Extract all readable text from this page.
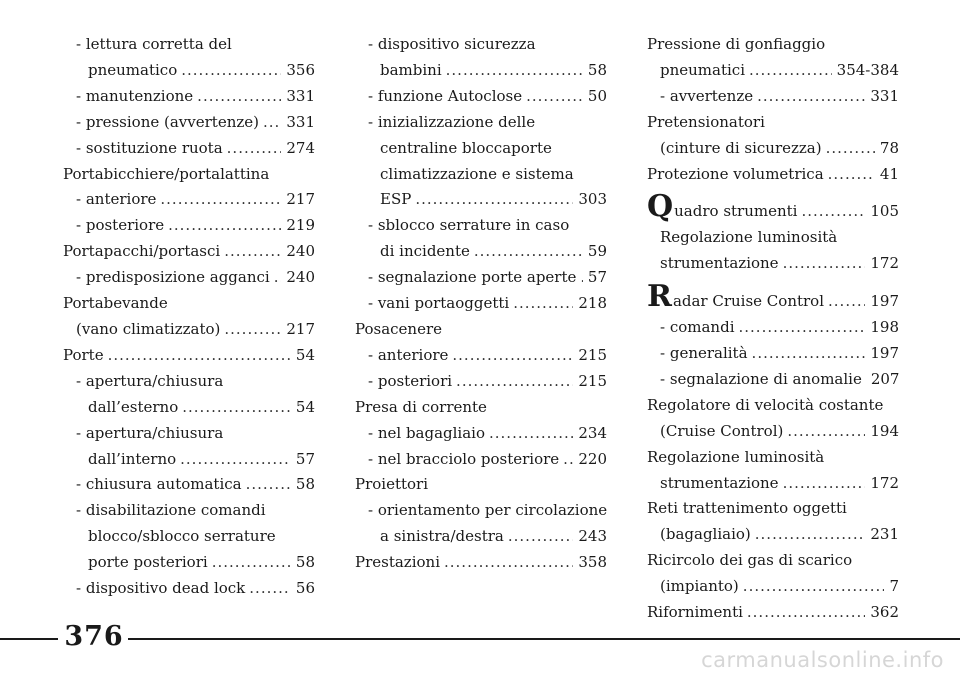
- lettura corretta del
pneumatico .....	356
- manutenzione .....	331
- pressione (avvertenze) ..... 331
- sostituzione ruota .....	274
Portabicchiere/portalattina
- anteriore .....	217
- posteriore .....	219
Portapacchi/portasci .....	240
- predisposizione agganci ..... 240
Portabevande
(vano climatizzato) .....	217
Porte .....	54
- apertura/chiusura
dall’esterno .....	54
- apertura/chiusura
dall’interno .....	57
- chiusura automatica .....	58
- disabilitazione comandi
blocco/sblocco serrature
porte posteriori .....	58
- dispositivo dead lock .....	56
- dispositivo sicurezza
bambini .....	58
- funzione Autoclose .....	50
- inizializzazione delle
centraline bloccaporte
climatizzazione e sistema
ESP .....	303
- sblocco serrature in caso
di incidente .....	59
- segnalazione porte aperte ..... 57
- vani portaoggetti .....	218
Posacenere
- anteriore .....	215
- posteriori .....	215
Presa di corrente
- nel bagagliaio .....	234
- nel bracciolo posteriore ..... 220
Proiettori
- orientamento per circolazione
a sinistra/destra .....	243
Prestazioni .....	358
Pressione di gonfiaggio
pneumatici .....	354-384
- avvertenze .....	331
Pretensionatori
(cinture di sicurezza) .....	78
Protezione volumetrica .....	41
Quadro strumenti .....	105
Regolazione luminosità
strumentazione .....	172
Radar Cruise Control .....	197
- comandi .....	198
- generalità .....	197
- segnalazione di anomalie 207
Regolatore di velocità costante
(Cruise Control) .....	194
Regolazione luminosità
strumentazione .....	172
Reti trattenimento oggetti
(bagagliaio) .....	231
Ricircolo dei gas di scarico
(impianto) .....	7
Rifornimenti .....	362
376
carmanualsonline.info
